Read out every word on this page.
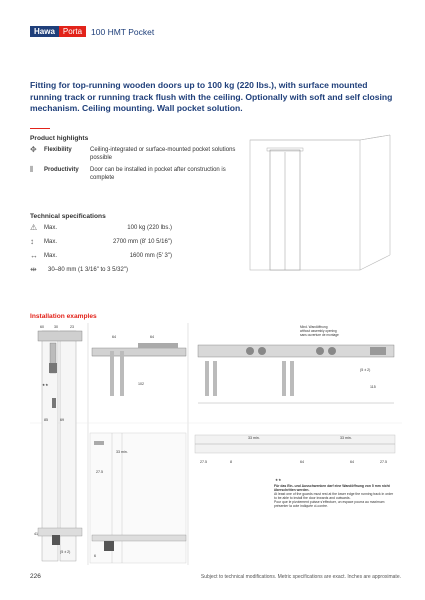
Hawa	Porta	100 HMT Pocket

Fitting for top-running wooden doors up to 100 kg (220 lbs.), with surface mounted running track or running track flush with the ceiling. Optionally with soft and self closing mechanism. Ceiling mounting. Wall pocket solution.

Product highlights
✥	Flexibility	Ceiling-integrated or surface-mounted pocket solutions possible
⫴	Productivity	Door can be installed in pocket after construction is complete
Technical specifications
⚠	Max.	100 kg (220 lbs.)
↕	Max.	2700 mm (8' 10 5/16")
↔	Max.	1600 mm (5' 3")
⇹	30–80 mm (1 3/16" to 3 5/32")
Installation examples
★★
60	30	23
85	69
(5 ± 2)
41
64	64
102
Mind. Wandöffnung
without assembly opening
sans ouverture de montage
(5 ± 2)
115
33 min.
27.5
6
33 min.	33 min.
27.5	8	64	64	27.5
★★
Für das Ein- und Ausschwenken darf eine Wandöffnung von 5 mm nicht überschritten werden.
At least one of the guards must rest at the lower edge the running track in order to be able to install the door inwards and outwards.
Pour que le pivotement puisse s'effectuer, un espace pourra au maximum présenter la cote indiquée ci-contre.
226	Subject to technical modifications. Metric specifications are exact. Inches are approximate.
